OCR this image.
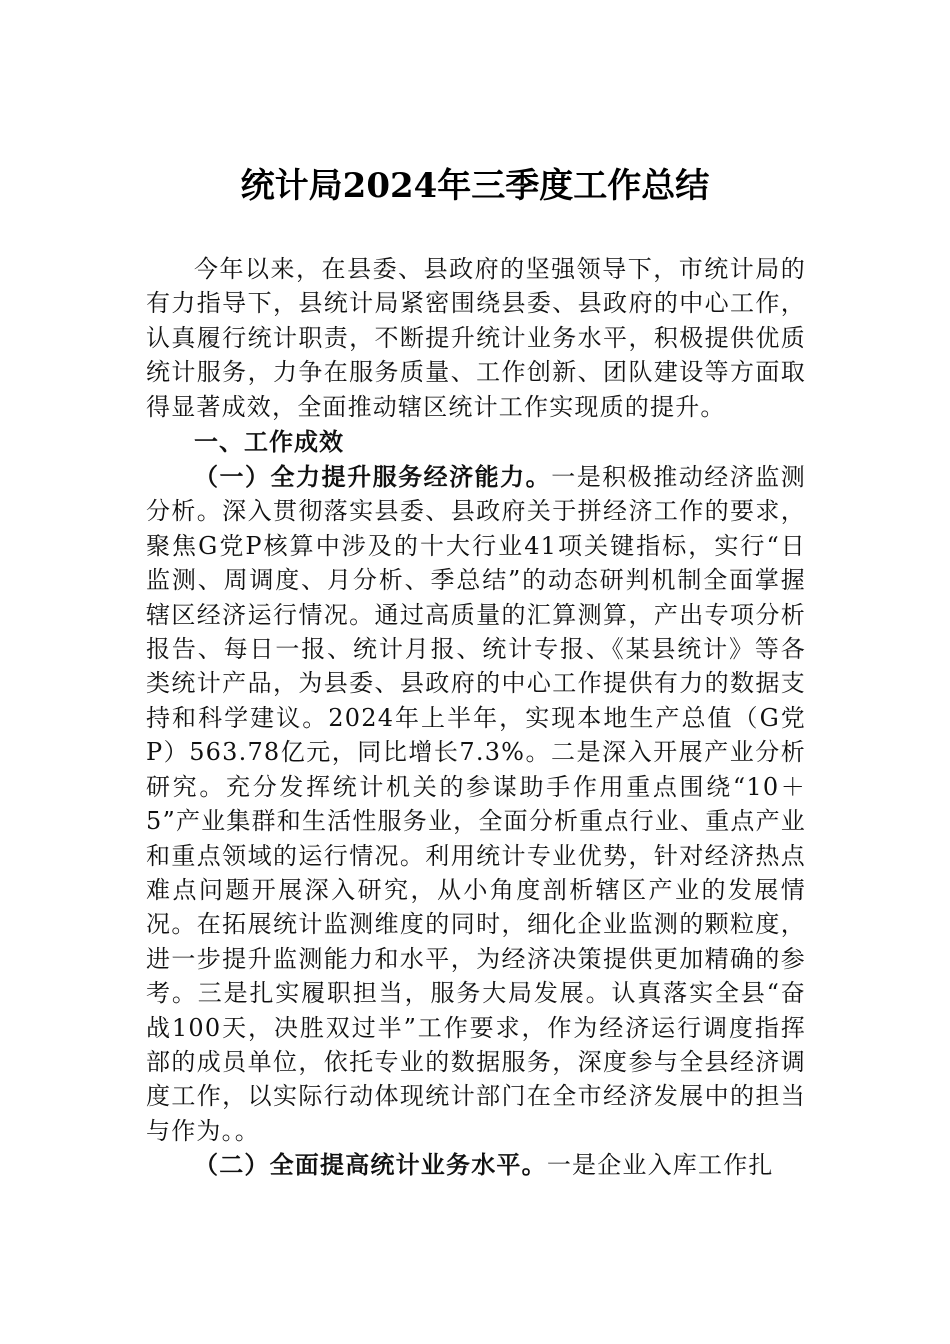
统计局2024年三季度工作总结

今年以来，在县委、县政府的坚强领导下，市统计局的有力指导下，县统计局紧密围绕县委、县政府的中心工作，认真履行统计职责，不断提升统计业务水平，积极提供优质统计服务，力争在服务质量、工作创新、团队建设等方面取得显著成效，全面推动辖区统计工作实现质的提升。

一、工作成效

（一）全力提升服务经济能力。一是积极推动经济监测分析。深入贯彻落实县委、县政府关于拼经济工作的要求，聚焦G党P核算中涉及的十大行业41项关键指标，实行“日监测、周调度、月分析、季总结”的动态研判机制全面掌握辖区经济运行情况。通过高质量的汇算测算，产出专项分析报告、每日一报、统计月报、统计专报、《某县统计》等各类统计产品，为县委、县政府的中心工作提供有力的数据支持和科学建议。2024年上半年，实现本地生产总值（G党P）563.78亿元，同比增长7.3%。二是深入开展产业分析研究。充分发挥统计机关的参谋助手作用重点围绕“10＋5”产业集群和生活性服务业，全面分析重点行业、重点产业和重点领域的运行情况。利用统计专业优势，针对经济热点难点问题开展深入研究，从小角度剖析辖区产业的发展情况。在拓展统计监测维度的同时，细化企业监测的颗粒度，进一步提升监测能力和水平，为经济决策提供更加精确的参考。三是扎实履职担当，服务大局发展。认真落实全县“奋战100天，决胜双过半”工作要求，作为经济运行调度指挥部的成员单位，依托专业的数据服务，深度参与全县经济调度工作，以实际行动体现统计部门在全市经济发展中的担当与作为。。

（二）全面提高统计业务水平。一是企业入库工作扎
